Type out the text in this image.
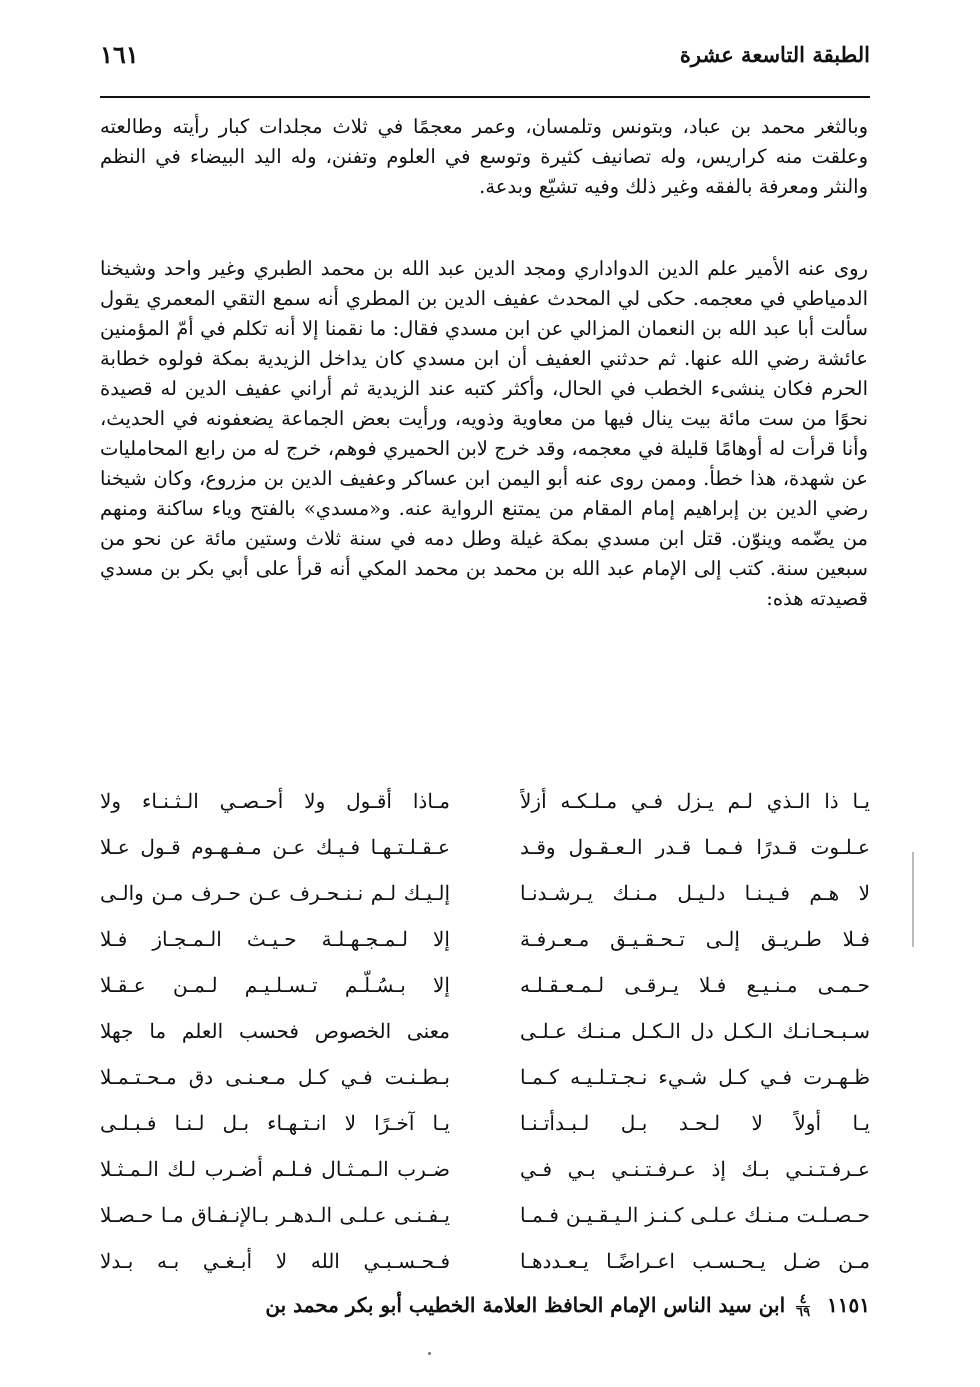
الطبقة التاسعة عشرة
١٦١

وبالثغر محمد بن عباد، وبتونس وتلمسان، وعمر معجمًا في ثلاث مجلدات كبار رأيته وطالعته وعلقت منه كراريس، وله تصانيف كثيرة وتوسع في العلوم وتفنن، وله اليد البيضاء في النظم والنثر ومعرفة بالفقه وغير ذلك وفيه تشيّع وبدعة.

روى عنه الأمير علم الدين الدواداري ومجد الدين عبد الله بن محمد الطبري وغير واحد وشيخنا الدمياطي في معجمه. حكى لي المحدث عفيف الدين بن المطري أنه سمع التقي المعمري يقول سألت أبا عبد الله بن النعمان المزالي عن ابن مسدي فقال: ما نقمنا إلا أنه تكلم في أمّ المؤمنين عائشة رضي الله عنها. ثم حدثني العفيف أن ابن مسدي كان يداخل الزيدية بمكة فولوه خطابة الحرم فكان ينشىء الخطب في الحال، وأكثر كتبه عند الزيدية ثم أراني عفيف الدين له قصيدة نحوًا من ست مائة بيت ينال فيها من معاوية وذويه، ورأيت بعض الجماعة يضعفونه في الحديث، وأنا قرأت له أوهامًا قليلة في معجمه، وقد خرج لابن الحميري فوهم، خرج له من رابع المحامليات عن شهدة، هذا خطأ. وممن روى عنه أبو اليمن ابن عساكر وعفيف الدين بن مزروع، وكان شيخنا رضي الدين بن إبراهيم إمام المقام من يمتنع الرواية عنه. و«مسدي» بالفتح وياء ساكنة ومنهم من يضّمه وينوّن. قتل ابن مسدي بمكة غيلة وطل دمه في سنة ثلاث وستين مائة عن نحو من سبعين سنة. كتب إلى الإمام عبد الله بن محمد بن محمد المكي أنه قرأ على أبي بكر بن مسدي قصيدته هذه:

يـا ذا الـذي لـم يـزل فـي مـلـكـه أزلاً
مـاذا أقـول ولا أحـصـي الـثـنـاء ولا
عـلـوت قـدرًا فـمـا قـدر الـعـقـول وقـد
عـقـلـتـهـا فـيـك عـن مـفـهـوم قـول عـلا
لا هـم فـيـنـا دلـيـل مـنـك يـرشـدنـا
إلـيـك لـم نـنـحـرف عـن حـرف مـن والـى
فـلا طـريـق إلـى تـحـقـيـق مـعـرفـة
إلا لـمـجـهـلـة حـيـث الـمـجـاز فـلا
حـمـى مـنـيـع فـلا يـرقـى لـمـعـقـلـه
إلا بـسُـلّـم تـسـلـيـم لـمـن عـقـلا
سـبـحـانـك الـكـل دل الـكـل مـنـك عـلـى
معنى الخصوص فحسب العلم ما جهلا
ظـهـرت فـي كـل شـيء نـجـتـلـيـه كـمـا
بـطـنـت فـي كـل مـعـنـى دق مـحـتـمـلا
يـا أولاً لا لـحـد بـل لـبـدأتـنـا
يـا آخـرًا لا انـتـهـاء بـل لـنـا فـبـلـى
عـرفـتـنـي بـك إذ عـرفـتـنـي بـي فـي
ضـرب الـمـثـال فـلـم أضـرب لـك الـمـثـلا
حـصـلـت مـنـك عـلـى كـنـز الـيـقـيـن فـمـا
يـفـنـى عـلـى الـدهـر بـالإنـفـاق مـا حـصـلا
مـن ضـل يـحـسـب اعـراضًـا يـعـددهـا
فـحـسـبـي الله لا أبـغـي بـه بـدلا
١١٥١
$\frac{٤}{٦٩}$
ابن سيد الناس الإمام الحافظ العلامة الخطيب أبو بكر محمد بن
